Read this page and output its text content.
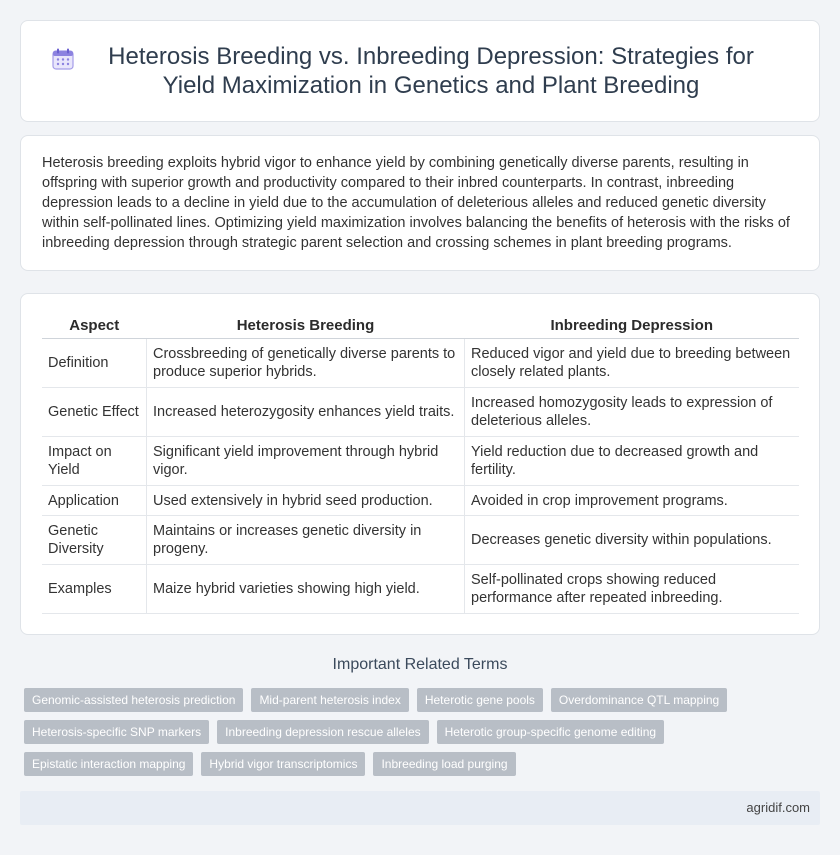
Heterosis Breeding vs. Inbreeding Depression: Strategies for Yield Maximization in Genetics and Plant Breeding

Heterosis breeding exploits hybrid vigor to enhance yield by combining genetically diverse parents, resulting in offspring with superior growth and productivity compared to their inbred counterparts. In contrast, inbreeding depression leads to a decline in yield due to the accumulation of deleterious alleles and reduced genetic diversity within self-pollinated lines. Optimizing yield maximization involves balancing the benefits of heterosis with the risks of inbreeding depression through strategic parent selection and crossing schemes in plant breeding programs.

Aspect	Heterosis Breeding	Inbreeding Depression
Definition	Crossbreeding of genetically diverse parents to produce superior hybrids.	Reduced vigor and yield due to breeding between closely related plants.
Genetic Effect	Increased heterozygosity enhances yield traits.	Increased homozygosity leads to expression of deleterious alleles.
Impact on Yield	Significant yield improvement through hybrid vigor.	Yield reduction due to decreased growth and fertility.
Application	Used extensively in hybrid seed production.	Avoided in crop improvement programs.
Genetic Diversity	Maintains or increases genetic diversity in progeny.	Decreases genetic diversity within populations.
Examples	Maize hybrid varieties showing high yield.	Self-pollinated crops showing reduced performance after repeated inbreeding.
Important Related Terms
Genomic-assisted heterosis prediction	Mid-parent heterosis index	Heterotic gene pools	Overdominance QTL mapping
Heterosis-specific SNP markers	Inbreeding depression rescue alleles	Heterotic group-specific genome editing
Epistatic interaction mapping	Hybrid vigor transcriptomics	Inbreeding load purging
agridif.com
